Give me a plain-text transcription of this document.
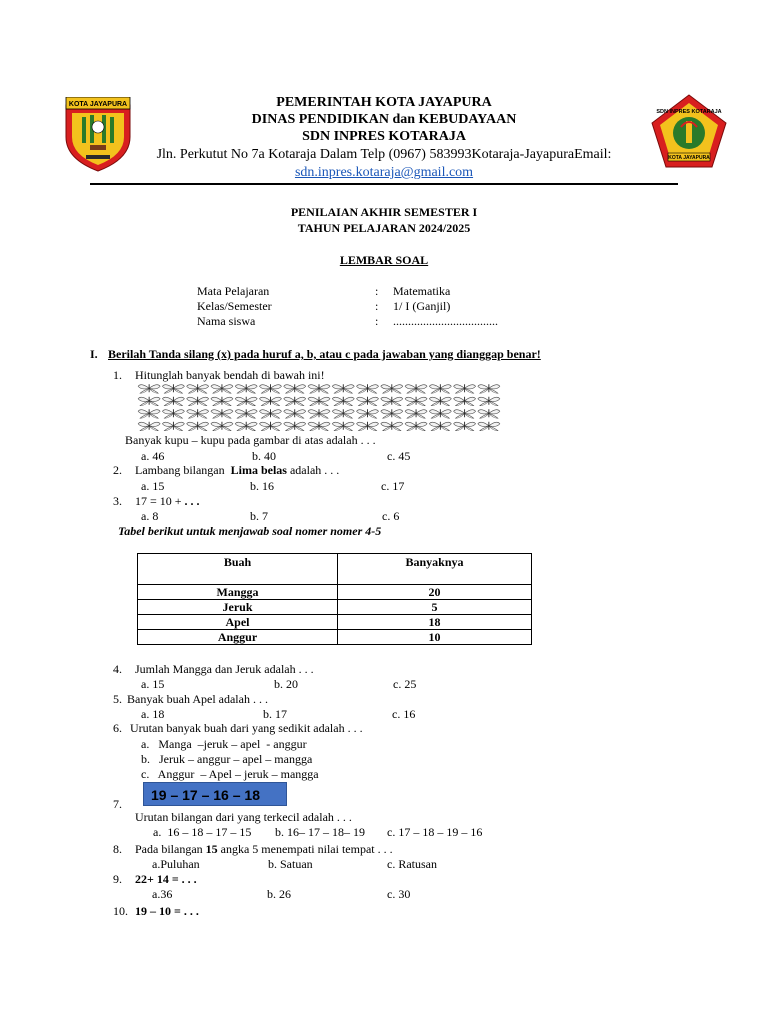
KOTA JAYAPURA
KOTA JAYAPURA
SDN INPRES KOTARAJA
PEMERINTAH KOTA JAYAPURA
DINAS PENDIDIKAN dan KEBUDAYAAN
SDN INPRES KOTARAJA
Jln. Perkutut No 7a Kotaraja Dalam Telp (0967) 583993Kotaraja-JayapuraEmail:
sdn.inpres.kotaraja@gmail.com
PENILAIAN AKHIR SEMESTER I
TAHUN PELAJARAN 2024/2025
LEMBAR SOAL
Mata Pelajaran	: Matematika
Kelas/Semester	: 1/ I (Ganjil)
Nama siswa	: ...................................
I. Berilah Tanda silang (x) pada huruf a, b, atau c pada jawaban yang dianggap benar!
1. Hitunglah banyak bendah di bawah ini!
Banyak kupu – kupu pada gambar di atas adalah . . .
a. 46	b. 40	c. 45
2. Lambang bilangan  Lima belas adalah . . .
a. 15	b. 16	c. 17
3. 17 = 10 + . . .
a. 8	b. 7	c. 6
Tabel berikut untuk menjawab soal nomer nomer 4-5
Buah	Banyaknya
Mangga	20
Jeruk	5
Apel	18
Anggur	10
4. Jumlah Mangga dan Jeruk adalah . . .
a. 15	b. 20	c. 25
5. Banyak buah Apel adalah . . .
a. 18	b. 17	c. 16
6. Urutan banyak buah dari yang sedikit adalah . . .
a.   Manga  –jeruk – apel  - anggur
b.   Jeruk – anggur – apel – mangga
c.   Anggur  – Apel – jeruk – mangga
19 – 17 – 16 – 18
7.
Urutan bilangan dari yang terkecil adalah . . .
a.  16 – 18 – 17 – 15 b. 16– 17 – 18– 19 c. 17 – 18 – 19 – 16
8. Pada bilangan 15 angka 5 menempati nilai tempat . . .
a.Puluhan	b. Satuan	c. Ratusan
9. 22+ 14 = . . .
a.36	b. 26	c. 30
10. 19 – 10 = . . .
